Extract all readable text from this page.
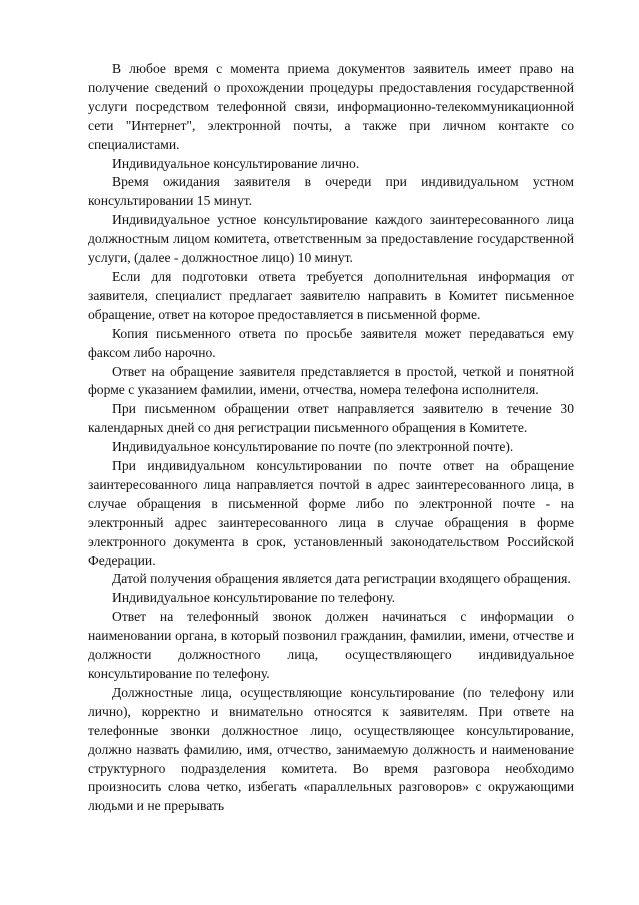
В любое время с момента приема документов заявитель имеет право на получение сведений о прохождении процедуры предоставления государственной услуги посредством телефонной связи, информационно-телекоммуникационной сети "Интернет", электронной почты, а также при личном контакте со специалистами.

Индивидуальное консультирование лично.

Время ожидания заявителя в очереди при индивидуальном устном консультировании 15 минут.

Индивидуальное устное консультирование каждого заинтересованного лица должностным лицом комитета, ответственным за предоставление государственной услуги, (далее - должностное лицо) 10 минут.

Если для подготовки ответа требуется дополнительная информация от заявителя, специалист предлагает заявителю направить в Комитет письменное обращение, ответ на которое предоставляется в письменной форме.

Копия письменного ответа по просьбе заявителя может передаваться ему факсом либо нарочно.

Ответ на обращение заявителя представляется в простой, четкой и понятной форме с указанием фамилии, имени, отчества, номера телефона исполнителя.

При письменном обращении ответ направляется заявителю в течение 30 календарных дней со дня регистрации письменного обращения в Комитете.

Индивидуальное консультирование по почте (по электронной почте).

При индивидуальном консультировании по почте ответ на обращение заинтересованного лица направляется почтой в адрес заинтересованного лица, в случае обращения в письменной форме либо по электронной почте - на электронный адрес заинтересованного лица в случае обращения в форме электронного документа в срок, установленный законодательством Российской Федерации.

Датой получения обращения является дата регистрации входящего обращения.

Индивидуальное консультирование по телефону.

Ответ на телефонный звонок должен начинаться с информации о наименовании органа, в который позвонил гражданин, фамилии, имени, отчестве и должности должностного лица, осуществляющего индивидуальное консультирование по телефону.

Должностные лица, осуществляющие консультирование (по телефону или лично), корректно и внимательно относятся к заявителям. При ответе на телефонные звонки должностное лицо, осуществляющее консультирование, должно назвать фамилию, имя, отчество, занимаемую должность и наименование структурного подразделения комитета. Во время разговора необходимо произносить слова четко, избегать «параллельных разговоров» с окружающими людьми и не прерывать
